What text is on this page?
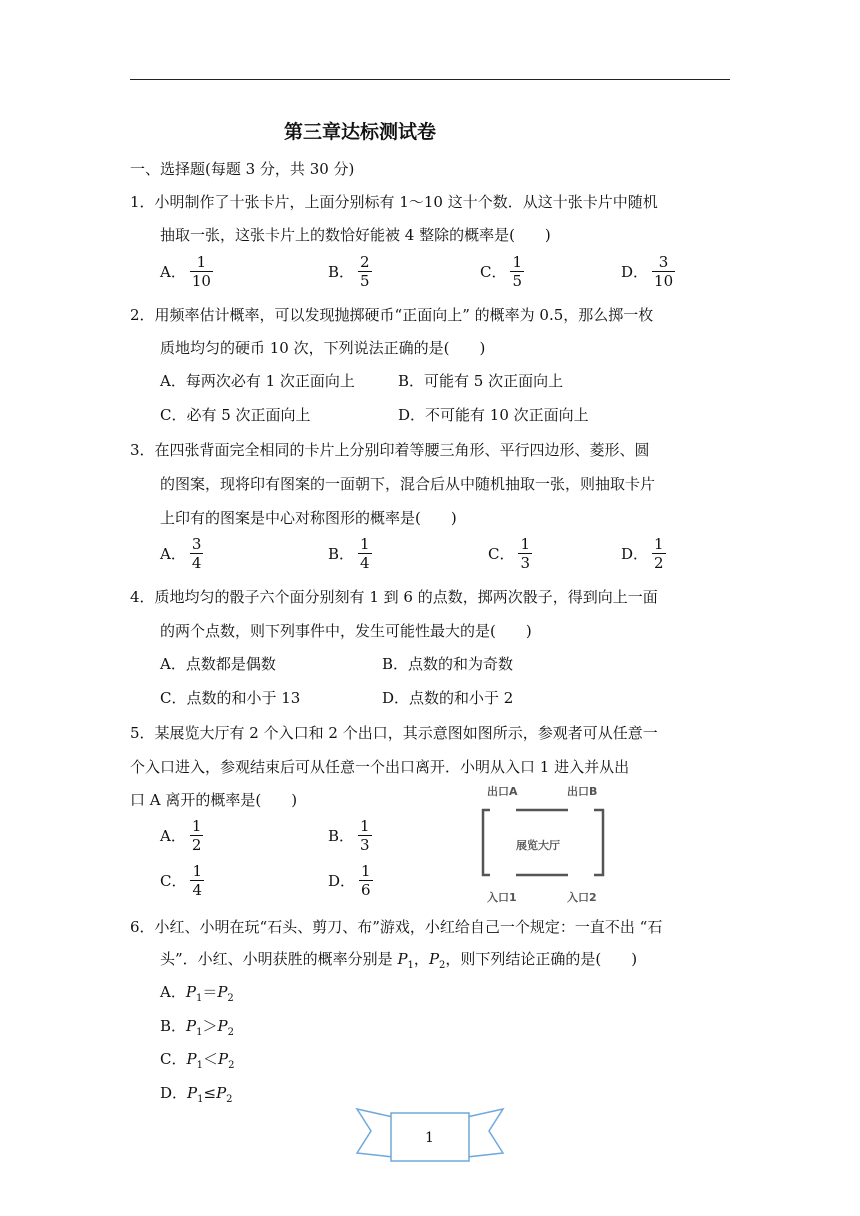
第三章达标测试卷
一、选择题(每题 3 分，共 30 分)
1．小明制作了十张卡片，上面分别标有 1～10 这十个数．从这十张卡片中随机
抽取一张，这张卡片上的数恰好能被 4 整除的概率是(　　)
A． $\frac{1}{10}$	B． $\frac{2}{5}$	C． $\frac{1}{5}$	D． $\frac{3}{10}$
2．用频率估计概率，可以发现抛掷硬币“正面向上” 的概率为 0.5，那么掷一枚
质地均匀的硬币 10 次，下列说法正确的是(　　)
A．每两次必有 1 次正面向上	B．可能有 5 次正面向上
C．必有 5 次正面向上	D．不可能有 10 次正面向上
3．在四张背面完全相同的卡片上分别印着等腰三角形、平行四边形、菱形、圆
的图案，现将印有图案的一面朝下，混合后从中随机抽取一张，则抽取卡片
上印有的图案是中心对称图形的概率是(　　)
A． $\frac{3}{4}$	B． $\frac{1}{4}$	C． $\frac{1}{3}$	D． $\frac{1}{2}$
4．质地均匀的骰子六个面分别刻有 1 到 6 的点数，掷两次骰子，得到向上一面
的两个点数，则下列事件中，发生可能性最大的是(　　)
A．点数都是偶数	B．点数的和为奇数
C．点数的和小于 13	D．点数的和小于 2
5．某展览大厅有 2 个入口和 2 个出口，其示意图如图所示，参观者可从任意一
个入口进入，参观结束后可从任意一个出口离开．小明从入口 1 进入并从出
口 A 离开的概率是(　　)
A． $\frac{1}{2}$	B． $\frac{1}{3}$
C． $\frac{1}{4}$	D． $\frac{1}{6}$
出口A	出口B
展览大厅
入口1	入口2
6．小红、小明在玩“石头、剪刀、布”游戏，小红给自己一个规定：一直不出 “石
头”．小红、小明获胜的概率分别是 $P_1$，$P_2$，则下列结论正确的是(　　)
A．$P_1=P_2$
B．$P_1>P_2$
C．$P_1<P_2$
D．$P_1\le P_2$
1
